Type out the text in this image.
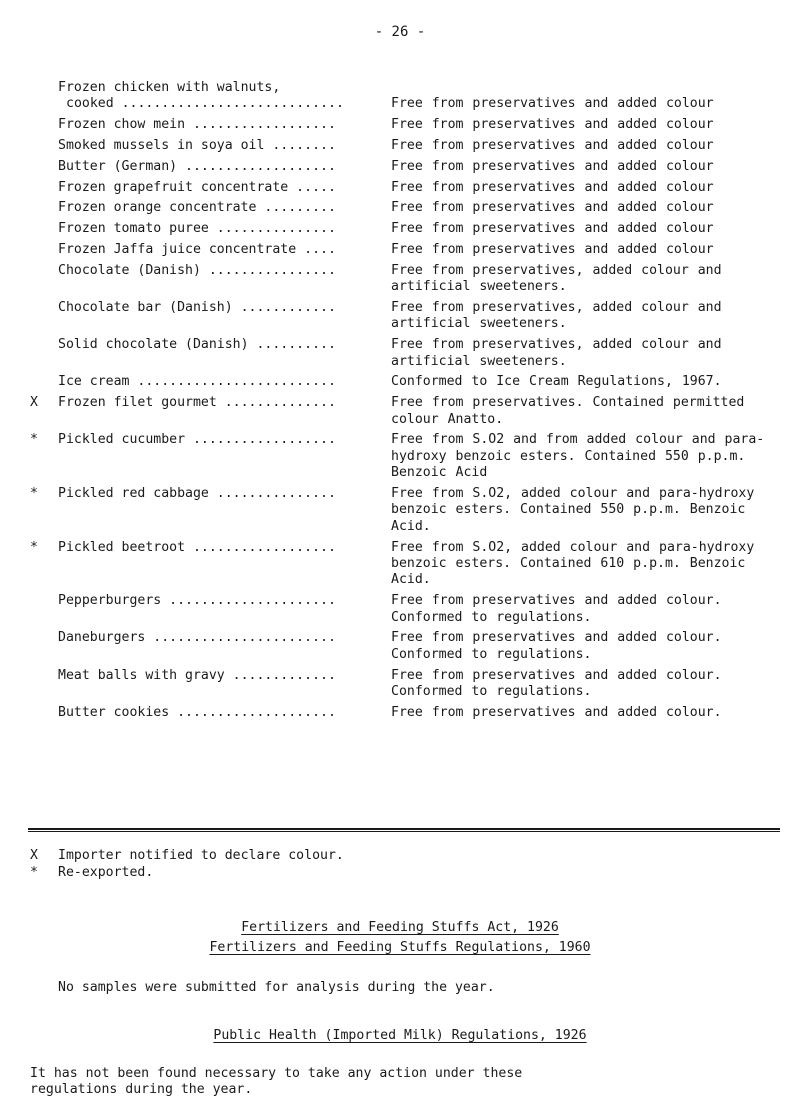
- 26 -
Frozen chicken with walnuts,
cooked ............................	Free from preservatives and added colour
Frozen chow mein ..................	Free from preservatives and added colour
Smoked mussels in soya oil ........	Free from preservatives and added colour
Butter (German) ...................	Free from preservatives and added colour
Frozen grapefruit concentrate .....	Free from preservatives and added colour
Frozen orange concentrate .........	Free from preservatives and added colour
Frozen tomato puree ...............	Free from preservatives and added colour
Frozen Jaffa juice concentrate ....	Free from preservatives and added colour
Chocolate (Danish) ................	Free from preservatives, added colour and artificial sweeteners.
Chocolate bar (Danish) ............	Free from preservatives, added colour and artificial sweeteners.
Solid chocolate (Danish) ..........	Free from preservatives, added colour and artificial sweeteners.
Ice cream .........................	Conformed to Ice Cream Regulations, 1967.
X	Frozen filet gourmet ..............	Free from preservatives. Contained permitted colour Anatto.
*	Pickled cucumber ..................	Free from S.O2 and from added colour and para-hydroxy benzoic esters. Contained 550 p.p.m. Benzoic Acid
*	Pickled red cabbage ...............	Free from S.O2, added colour and para-hydroxy benzoic esters. Contained 550 p.p.m. Benzoic Acid.
*	Pickled beetroot ..................	Free from S.O2, added colour and para-hydroxy benzoic esters. Contained 610 p.p.m. Benzoic Acid.
Pepperburgers .....................	Free from preservatives and added colour. Conformed to regulations.
Daneburgers .......................	Free from preservatives and added colour. Conformed to regulations.
Meat balls with gravy .............	Free from preservatives and added colour. Conformed to regulations.
Butter cookies ....................	Free from preservatives and added colour.
X	Importer notified to declare colour.
*	Re-exported.
Fertilizers and Feeding Stuffs Act, 1926
Fertilizers and Feeding Stuffs Regulations, 1960
No samples were submitted for analysis during the year.
Public Health (Imported Milk) Regulations, 1926
It has not been found necessary to take any action under these regulations during the year.
